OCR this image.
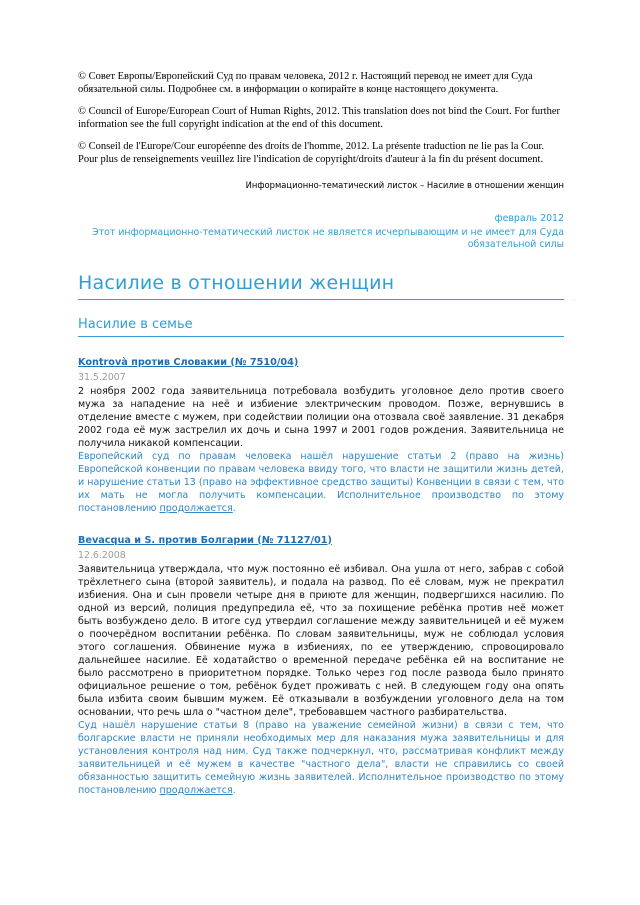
© Совет Европы/Европейский Суд по правам человека, 2012 г. Настоящий перевод не имеет для Суда обязательной силы. Подробнее см. в информации о копирайте в конце настоящего документа.

© Council of Europe/European Court of Human Rights, 2012. This translation does not bind the Court. For further information see the full copyright indication at the end of this document.

© Conseil de l'Europe/Cour européenne des droits de l'homme, 2012. La présente traduction ne lie pas la Cour. Pour plus de renseignements veuillez lire l'indication de copyright/droits d'auteur à la fin du présent document.

Информационно-тематический листок – Насилие в отношении женщин

февраль 2012

Этот информационно-тематический листок не является исчерпывающим и не имеет для Суда обязательной силы

Насилие в отношении женщин
Насилие в семье
Kontrovà против Словакии (№ 7510/04)
31.5.2007

2 ноября 2002 года заявительница потребовала возбудить уголовное дело против своего мужа за нападение на неё и избиение электрическим проводом. Позже, вернувшись в отделение вместе с мужем, при содействии полиции она отозвала своё заявление. 31 декабря 2002 года её муж застрелил их дочь и сына 1997 и 2001 годов рождения. Заявительница не получила никакой компенсации.

Европейский суд по правам человека нашёл нарушение статьи 2 (право на жизнь) Европейской конвенции по правам человека ввиду того, что власти не защитили жизнь детей, и нарушение статьи 13 (право на эффективное средство защиты) Конвенции в связи с тем, что их мать не могла получить компенсации. Исполнительное производство по этому постановлению продолжается.

Bevacqua и S. против Болгарии (№ 71127/01)
12.6.2008

Заявительница утверждала, что муж постоянно её избивал. Она ушла от него, забрав с собой трёхлетнего сына (второй заявитель), и подала на развод. По её словам, муж не прекратил избиения. Она и сын провели четыре дня в приюте для женщин, подвергшихся насилию. По одной из версий, полиция предупредила её, что за похищение ребёнка против неё может быть возбуждено дело. В итоге суд утвердил соглашение между заявительницей и её мужем о поочерёдном воспитании ребёнка. По словам заявительницы, муж не соблюдал условия этого соглашения. Обвинение мужа в избиениях, по ее утверждению, спровоцировало дальнейшее насилие. Её ходатайство о временной передаче ребёнка ей на воспитание не было рассмотрено в приоритетном порядке. Только через год после развода было принято официальное решение о том, ребёнок будет проживать с ней. В следующем году она опять была избита своим бывшим мужем. Её отказывали в возбуждении уголовного дела на том основании, что речь шла о "частном деле", требовавшем частного разбирательства.

Суд нашёл нарушение статьи 8 (право на уважение семейной жизни) в связи с тем, что болгарские власти не приняли необходимых мер для наказания мужа заявительницы и для установления контроля над ним. Суд также подчеркнул, что, рассматривая конфликт между заявительницей и её мужем в качестве "частного дела", власти не справились со своей обязанностью защитить семейную жизнь заявителей. Исполнительное производство по этому постановлению продолжается.
